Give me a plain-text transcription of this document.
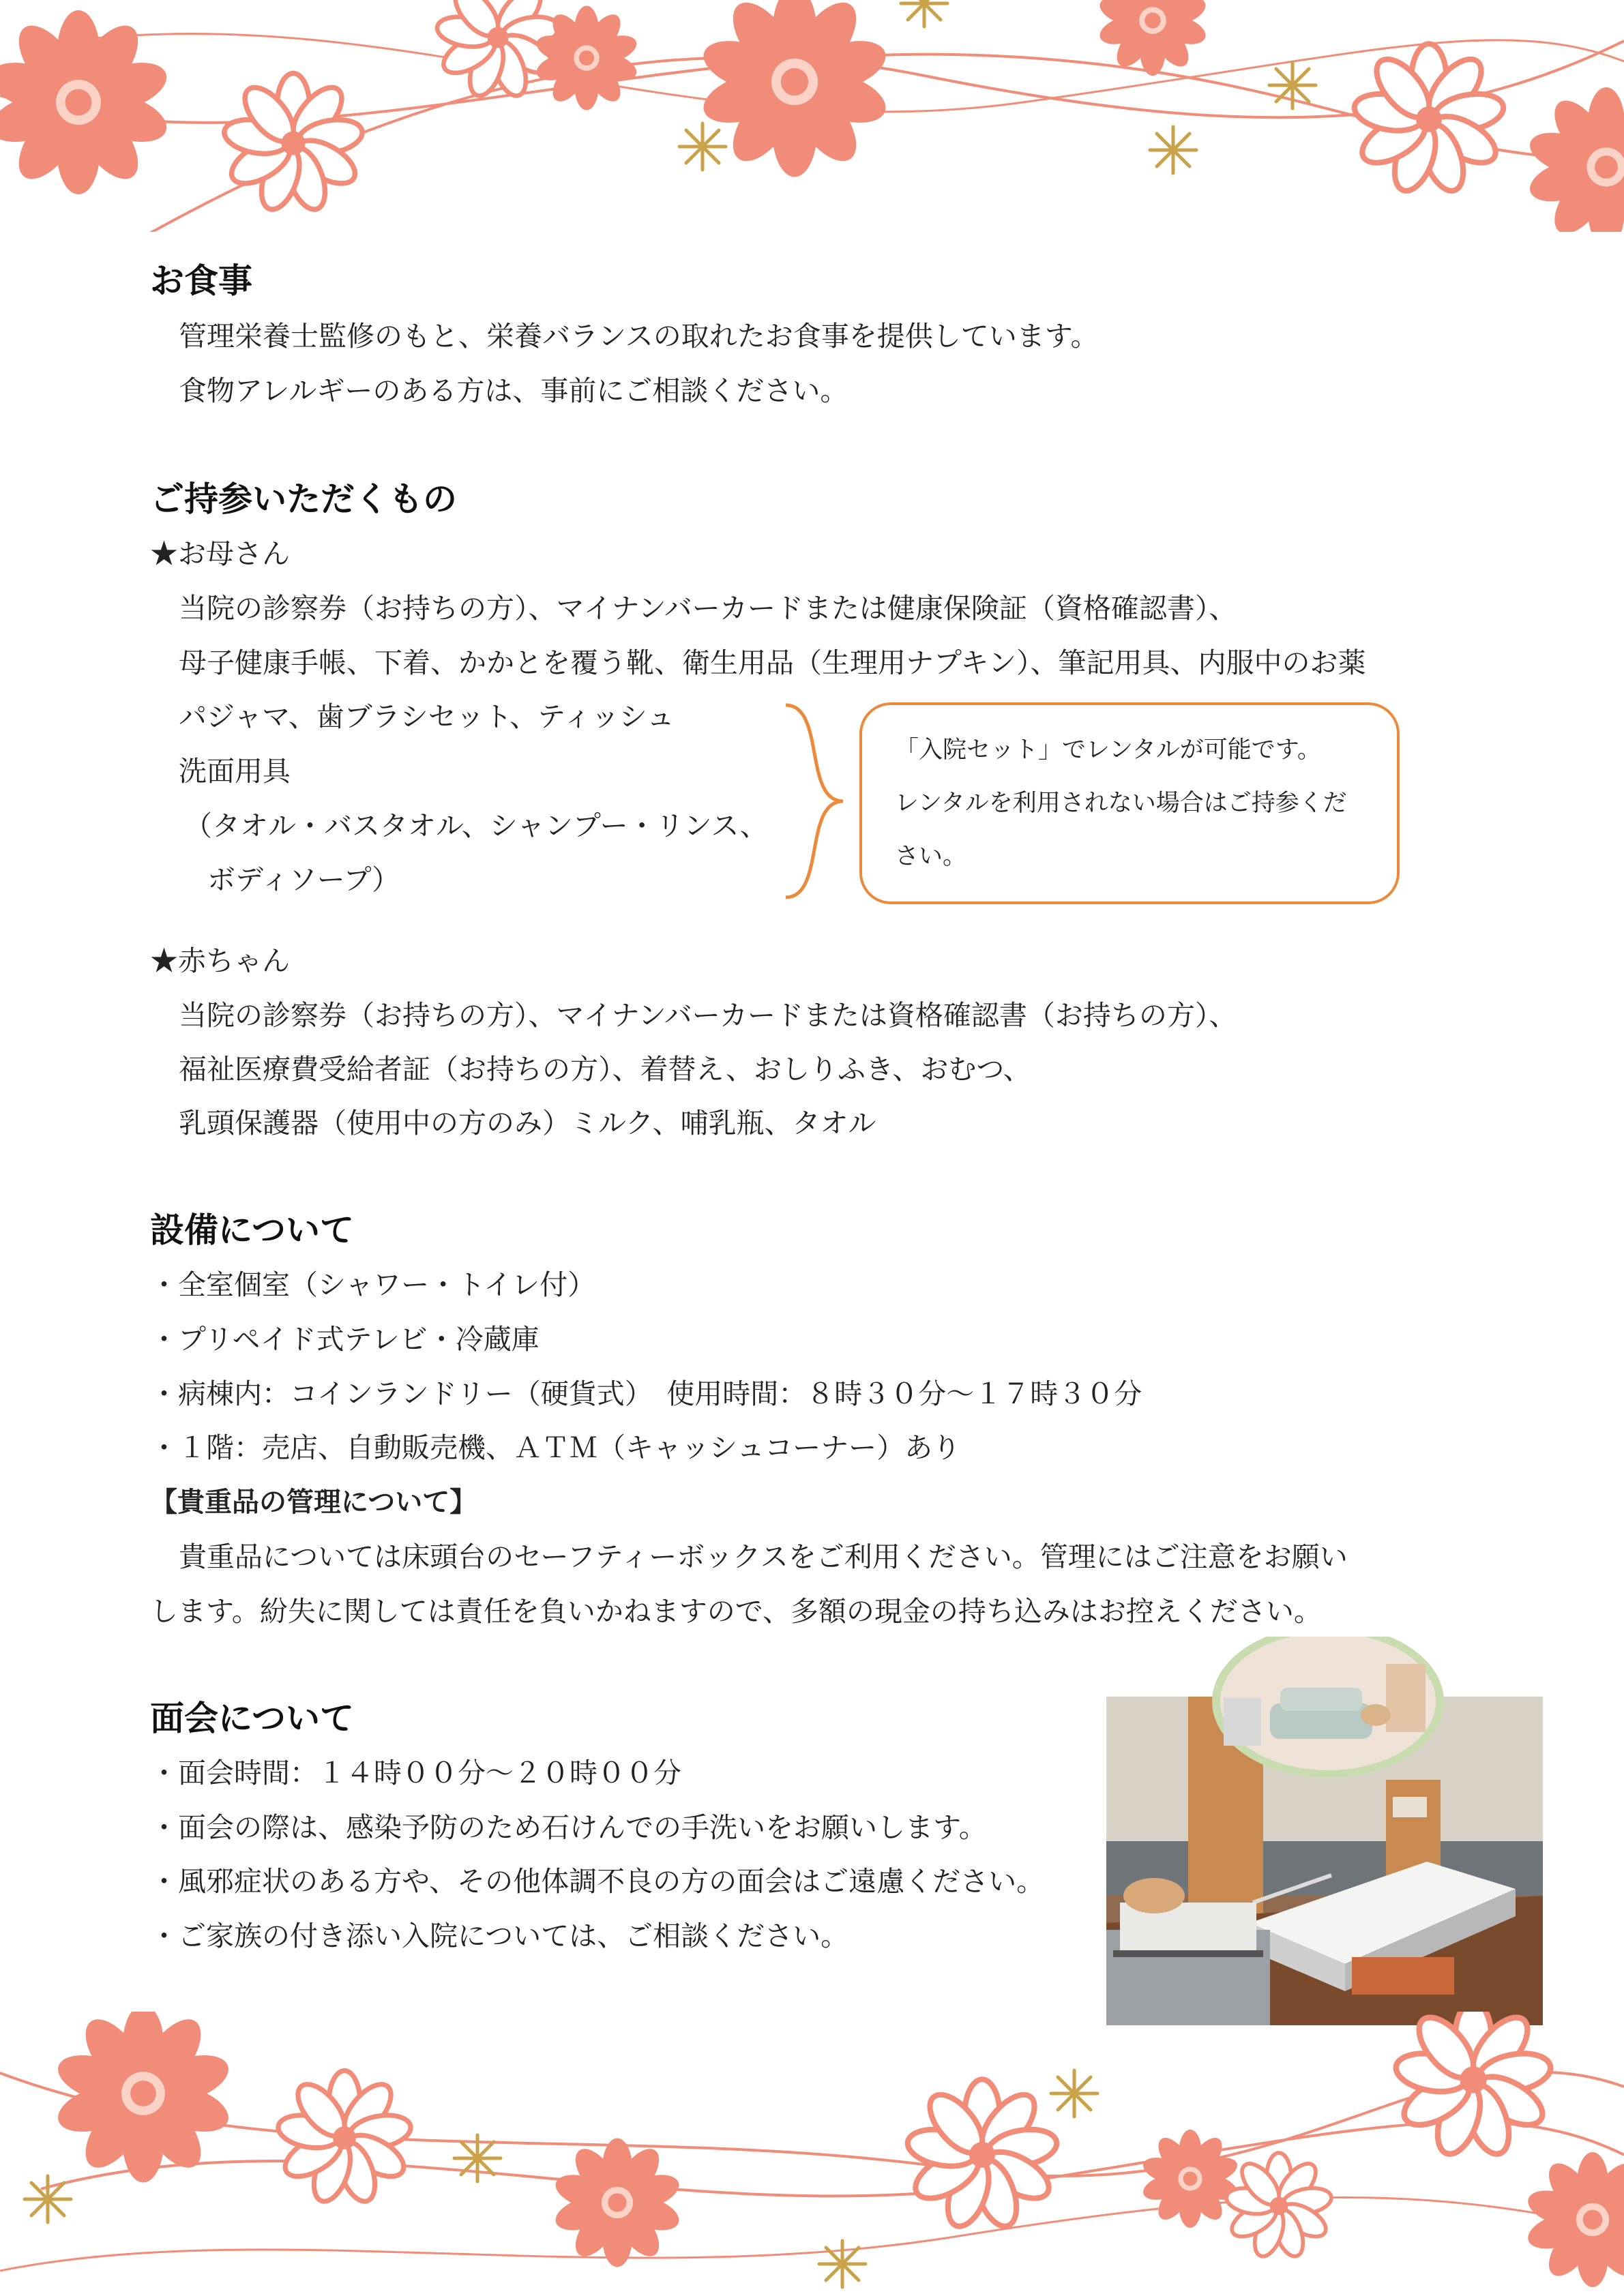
お食事
管理栄養士監修のもと、栄養バランスの取れたお食事を提供しています。
食物アレルギーのある方は、事前にご相談ください。
ご持参いただくもの
★お母さん
当院の診察券（お持ちの方）、マイナンバーカードまたは健康保険証（資格確認書）、
母子健康手帳、下着、かかとを覆う靴、衛生用品（生理用ナプキン）、筆記用具、内服中のお薬
パジャマ、歯ブラシセット、ティッシュ
洗面用具
（タオル・バスタオル、シャンプー・リンス、
ボディソープ）
「入院セット」でレンタルが可能です。
レンタルを利用されない場合はご持参くだ
さい。
★赤ちゃん
当院の診察券（お持ちの方）、マイナンバーカードまたは資格確認書（お持ちの方）、
福祉医療費受給者証（お持ちの方）、着替え、おしりふき、おむつ、
乳頭保護器（使用中の方のみ）ミルク、哺乳瓶、タオル
設備について
・全室個室（シャワー・トイレ付）
・プリペイド式テレビ・冷蔵庫
・病棟内：コインランドリー（硬貨式）　使用時間：８時３０分～１７時３０分
・１階：売店、自動販売機、ＡＴＭ（キャッシュコーナー）あり
【貴重品の管理について】
貴重品については床頭台のセーフティーボックスをご利用ください。管理にはご注意をお願い
します。紛失に関しては責任を負いかねますので、多額の現金の持ち込みはお控えください。
面会について
・面会時間：１４時００分～２０時００分
・面会の際は、感染予防のため石けんでの手洗いをお願いします。
・風邪症状のある方や、その他体調不良の方の面会はご遠慮ください。
・ご家族の付き添い入院については、ご相談ください。
